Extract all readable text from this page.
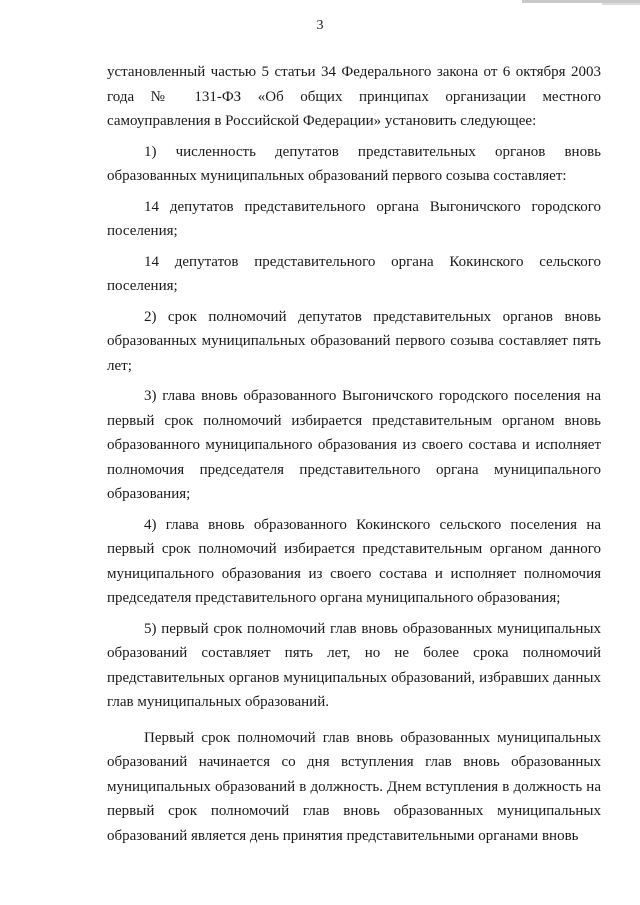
3

установленный частью 5 статьи 34 Федерального закона от 6 октября 2003 года № 131-ФЗ «Об общих принципах организации местного самоуправления в Российской Федерации» установить следующее:

1) численность депутатов представительных органов вновь образованных муниципальных образований первого созыва составляет:

14 депутатов представительного органа Выгоничского городского поселения;

14 депутатов представительного органа Кокинского сельского поселения;

2) срок полномочий депутатов представительных органов вновь образованных муниципальных образований первого созыва составляет пять лет;

3) глава вновь образованного Выгоничского городского поселения на первый срок полномочий избирается представительным органом вновь образованного муниципального образования из своего состава и исполняет полномочия председателя представительного органа муниципального образования;

4) глава вновь образованного Кокинского сельского поселения на первый срок полномочий избирается представительным органом данного муниципального образования из своего состава и исполняет полномочия председателя представительного органа муниципального образования;

5) первый срок полномочий глав вновь образованных муниципальных образований составляет пять лет, но не более срока полномочий представительных органов муниципальных образований, избравших данных глав муниципальных образований.

Первый срок полномочий глав вновь образованных муниципальных образований начинается со дня вступления глав вновь образованных муниципальных образований в должность. Днем вступления в должность на первый срок полномочий глав вновь образованных муниципальных образований является день принятия представительными органами вновь
